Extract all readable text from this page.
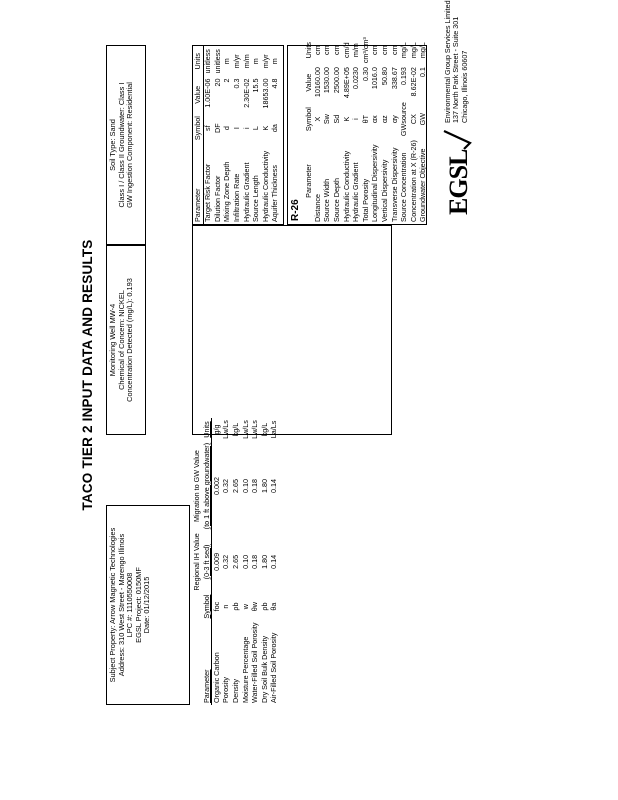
TACO TIER 2 INPUT DATA AND RESULTS
Subject Property: Arrow Magnetic Technologies Address: 310 West Street - Marengo Illinois LPC #: 1110550008 EGSL Project: 0150MF Date: 01/12/2015
Monitoring Well MW-4 Chemical of Concern: NICKEL Concentration Detected (mg/L): 0.193
Soil Type: Sand Class I / Class II Groundwater: Class I GW Ingestion Component: Residential
		Regional IH Value	Migration to GW Value	
Parameter	Symbol	(0-3 ft sed)	(to 1 ft above groundwater)	Units
Organic Carbon	foc	0.009	0.002	g/g
Porosity	n	0.32	0.32	Lw/Ls
Density	ρb	2.65	2.65	kg/L
Moisture Percentage	w	0.10	0.10	Lw/Ls
Water-Filled Soil Porosity	θw	0.18	0.18	Lw/Ls
Dry Soil Bulk Density	ρb	1.80	1.80	kg/L
Air-Filled Soil Porosity	θa	0.14	0.14	La/Ls
Parameter	Symbol	Value	Units
Target Risk Factor	sf	1.00E-06	unitless
Dilution Factor	DF	20	unitless
Mixing Zone Depth	d	2	m
Infiltration Rate	I	0.3	m/yr
Hydraulic Gradient	i	2.30E-02	m/m
Source Length	L	15.5	m
Hydraulic Conductivity	K	18653.00	m/yr
Aquifer Thickness	da	4.8	m
R-26
Parameter	Symbol	Value	Units
Distance	X	10160.00	cm
Source Width	Sw	1530.00	cm
Source Depth	Sd	2500.00	cm
Hydraulic Conductivity	K	4.89E+05	cm/d
Hydraulic Gradient	i	0.0230	m/m
Total Porosity	θT	0.30	cm³/cm³
Longitudinal Dispersivity	αx	1016.0	cm
Vertical Dispersivity	αz	50.80	cm
Transverse Dispersivity	αy	338.67	cm
Source Concentration	GWsource	0.193	mg/L
Concentration at X (R-26)	CX	8.62E-02	mg/L
Groundwater Objective	GW	0.1	mg/L
EGSL
Environmental Group Services Limited 137 North Park Street - Suite 301 Chicago, Illinois 60607
